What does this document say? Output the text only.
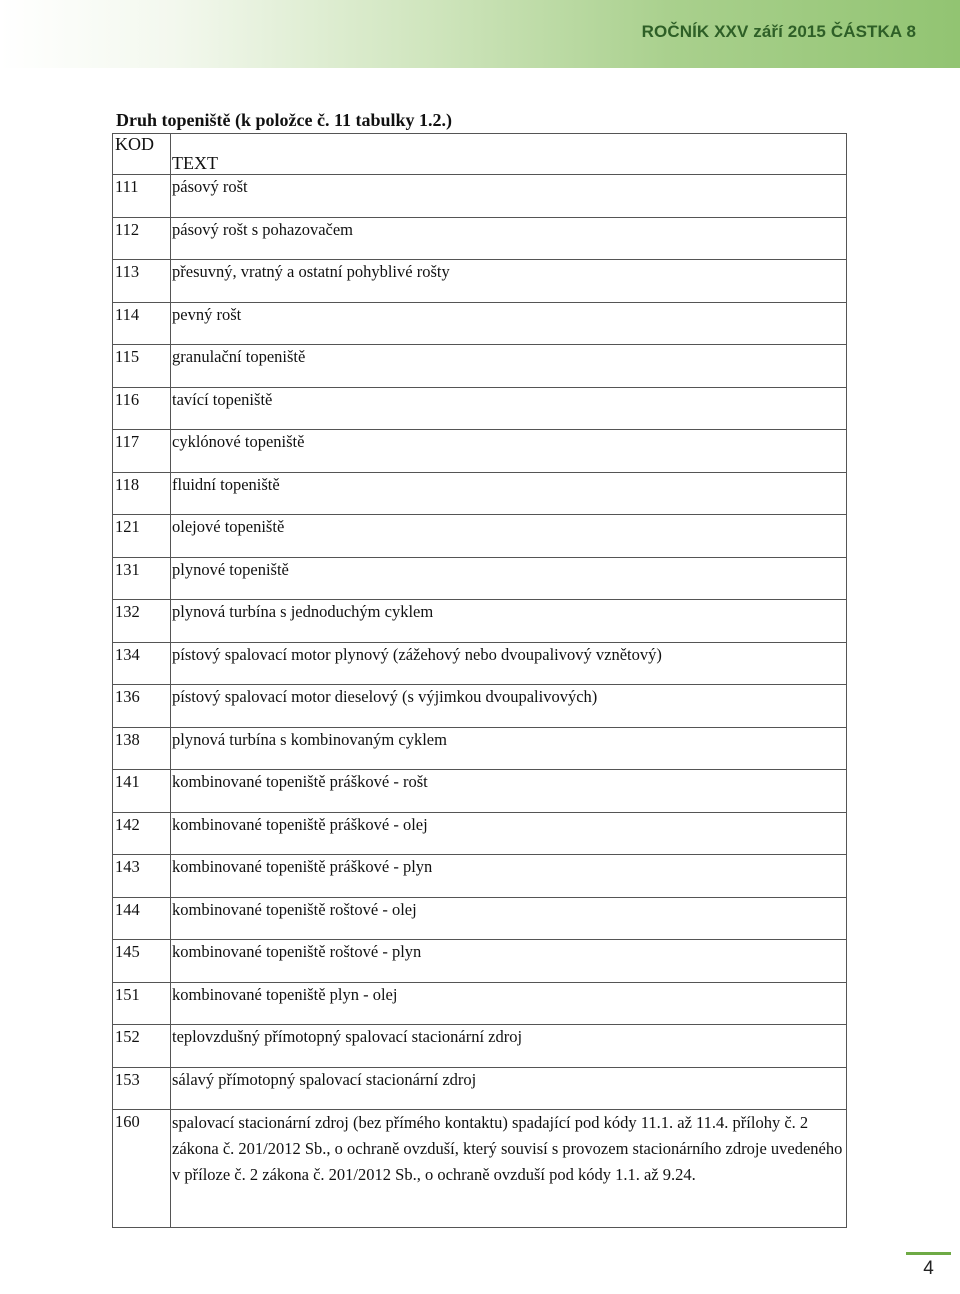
ROČNÍK XXV září 2015 ČÁSTKA 8
Druh topeniště (k položce č. 11 tabulky 1.2.)
KOD	TEXT
111	pásový rošt
112	pásový rošt s pohazovačem
113	přesuvný, vratný a ostatní pohyblivé rošty
114	pevný rošt
115	granulační topeniště
116	tavící topeniště
117	cyklónové topeniště
118	fluidní topeniště
121	olejové topeniště
131	plynové topeniště
132	plynová turbína s jednoduchým cyklem
134	pístový spalovací motor plynový (zážehový nebo dvoupalivový vznětový)
136	pístový spalovací motor dieselový (s výjimkou dvoupalivových)
138	plynová turbína s kombinovaným cyklem
141	kombinované topeniště práškové - rošt
142	kombinované topeniště práškové - olej
143	kombinované topeniště práškové - plyn
144	kombinované topeniště roštové - olej
145	kombinované topeniště roštové - plyn
151	kombinované topeniště plyn - olej
152	teplovzdušný přímotopný spalovací stacionární zdroj
153	sálavý přímotopný spalovací stacionární zdroj
160	spalovací stacionární zdroj (bez přímého kontaktu) spadající pod kódy 11.1. až 11.4. přílohy č. 2 zákona č. 201/2012 Sb., o ochraně ovzduší, který souvisí s provozem stacionárního zdroje uvedeného v příloze č. 2 zákona č. 201/2012 Sb., o ochraně ovzduší pod kódy 1.1. až 9.24.
4
